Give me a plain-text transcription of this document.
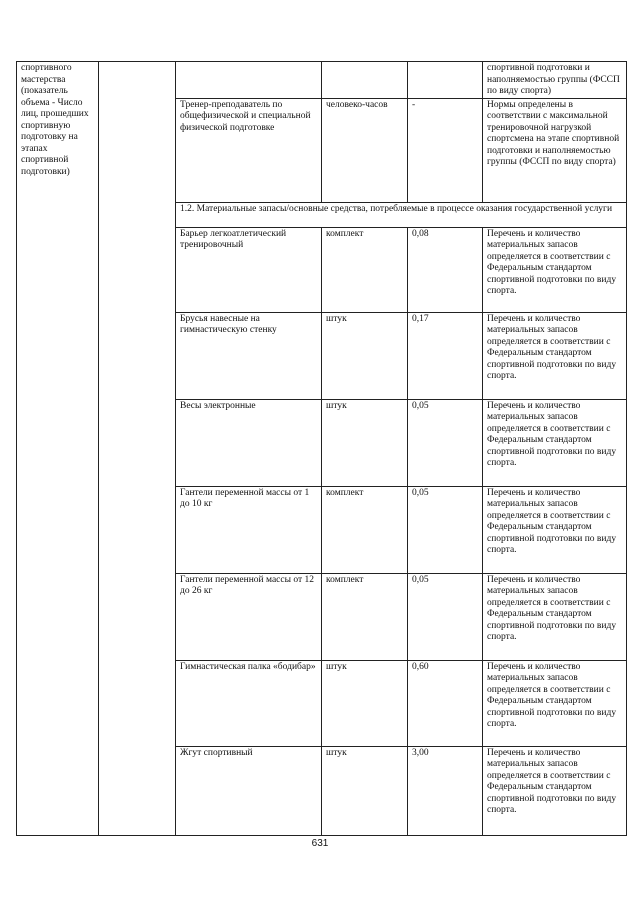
спортивного мастерства (показатель объема - Число лиц, прошедших спортивную подготовку на этапах спортивной подготовки)					спортивной подготовки и наполняемостью группы (ФССП по виду спорта)
		Тренер-преподаватель по общефизической и специальной физической подготовке	человеко-часов	-	Нормы определены в соответствии с максимальной тренировочной нагрузкой спортсмена на этапе спортивной подготовки и наполняемостью группы (ФССП по виду спорта)
		1.2. Материальные запасы/основные средства, потребляемые в процессе оказания государственной услуги			
		Барьер легкоатлетический тренировочный	комплект	0,08	Перечень и количество материальных запасов определяется в соответствии с Федеральным стандартом спортивной подготовки по виду спорта.
		Брусья навесные на гимнастическую стенку	штук	0,17	Перечень и количество материальных запасов определяется в соответствии с Федеральным стандартом спортивной подготовки по виду спорта.
		Весы электронные	штук	0,05	Перечень и количество материальных запасов определяется в соответствии с Федеральным стандартом спортивной подготовки по виду спорта.
		Гантели переменной массы от 1 до 10 кг	комплект	0,05	Перечень и количество материальных запасов определяется в соответствии с Федеральным стандартом спортивной подготовки по виду спорта.
		Гантели переменной массы от 12 до 26 кг	комплект	0,05	Перечень и количество материальных запасов определяется в соответствии с Федеральным стандартом спортивной подготовки по виду спорта.
		Гимнастическая палка «бодибар»	штук	0,60	Перечень и количество материальных запасов определяется в соответствии с Федеральным стандартом спортивной подготовки по виду спорта.
		Жгут спортивный	штук	3,00	Перечень и количество материальных запасов определяется в соответствии с Федеральным стандартом спортивной подготовки по виду спорта.
631
